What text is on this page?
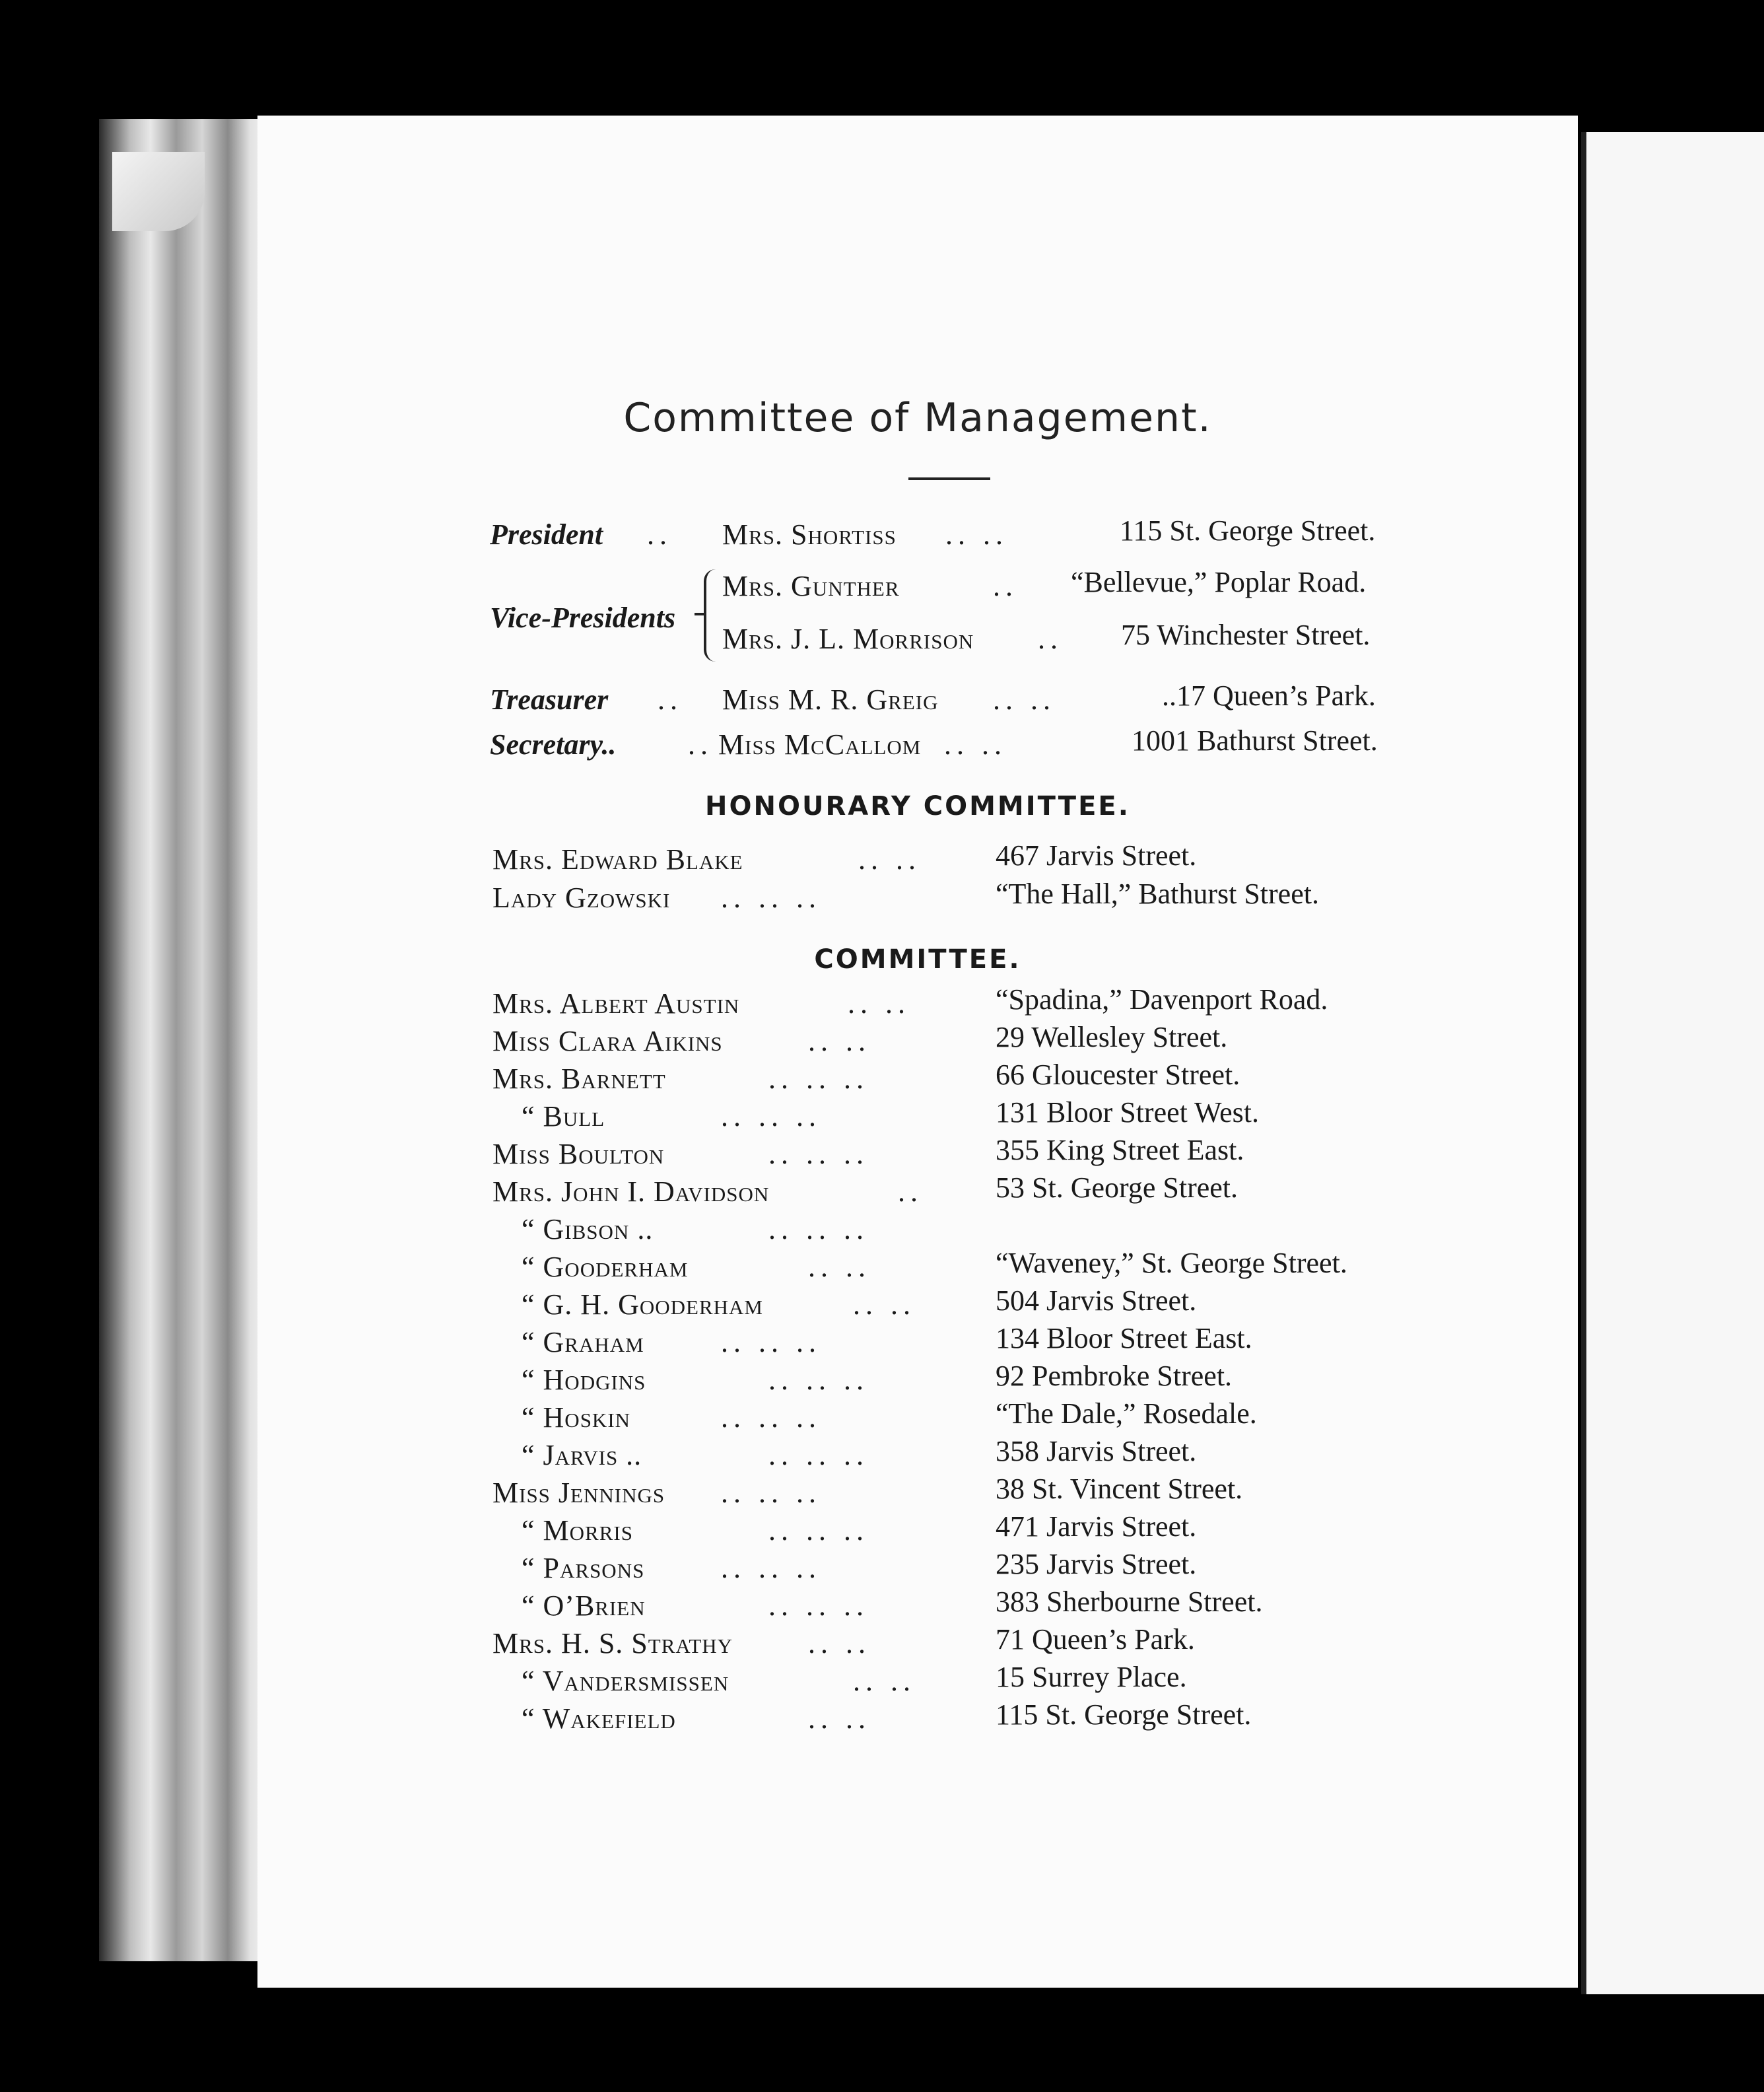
Committee of Management.
President .. Mrs. Shortiss .. ..	115 St. George Street.
Vice-Presidents
Mrs. Gunther	.. “Bellevue,” Poplar Road.
Mrs. J. L. Morrison .. 75 Winchester Street.
Treasurer .. Miss M. R. Greig .. ..	..17 Queen’s Park.
Secretary.. .. Miss McCallom .. ..	1001 Bathurst Street.
HONOURARY COMMITTEE.
Mrs. Edward Blake	.. ..	467 Jarvis Street.
Lady Gzowski .. .. ..	“The Hall,” Bathurst Street.
COMMITTEE.
Mrs. Albert Austin	.. ..	“Spadina,” Davenport Road.
Miss Clara Aikins	.. ..	29 Wellesley Street.
Mrs. Barnett	.. .. ..	66 Gloucester Street.
“ Bull	.. .. ..	131 Bloor Street West.
Miss Boulton	.. .. ..	355 King Street East.
Mrs. John I. Davidson	..	53 St. George Street.
“ Gibson ..	.. .. ..
“ Gooderham	.. ..	“Waveney,” St. George Street.
“ G. H. Gooderham	.. ..	504 Jarvis Street.
“ Graham	.. .. ..	134 Bloor Street East.
“ Hodgins	.. .. ..	92 Pembroke Street.
“ Hoskin	.. .. ..	“The Dale,” Rosedale.
“ Jarvis ..	.. .. ..	358 Jarvis Street.
Miss Jennings .. .. ..	38 St. Vincent Street.
“ Morris	.. .. ..	471 Jarvis Street.
“ Parsons	.. .. ..	235 Jarvis Street.
“ O’Brien	.. .. ..	383 Sherbourne Street.
Mrs. H. S. Strathy	.. ..	71 Queen’s Park.
“ Vandersmissen	.. ..	15 Surrey Place.
“ Wakefield	.. ..	115 St. George Street.
